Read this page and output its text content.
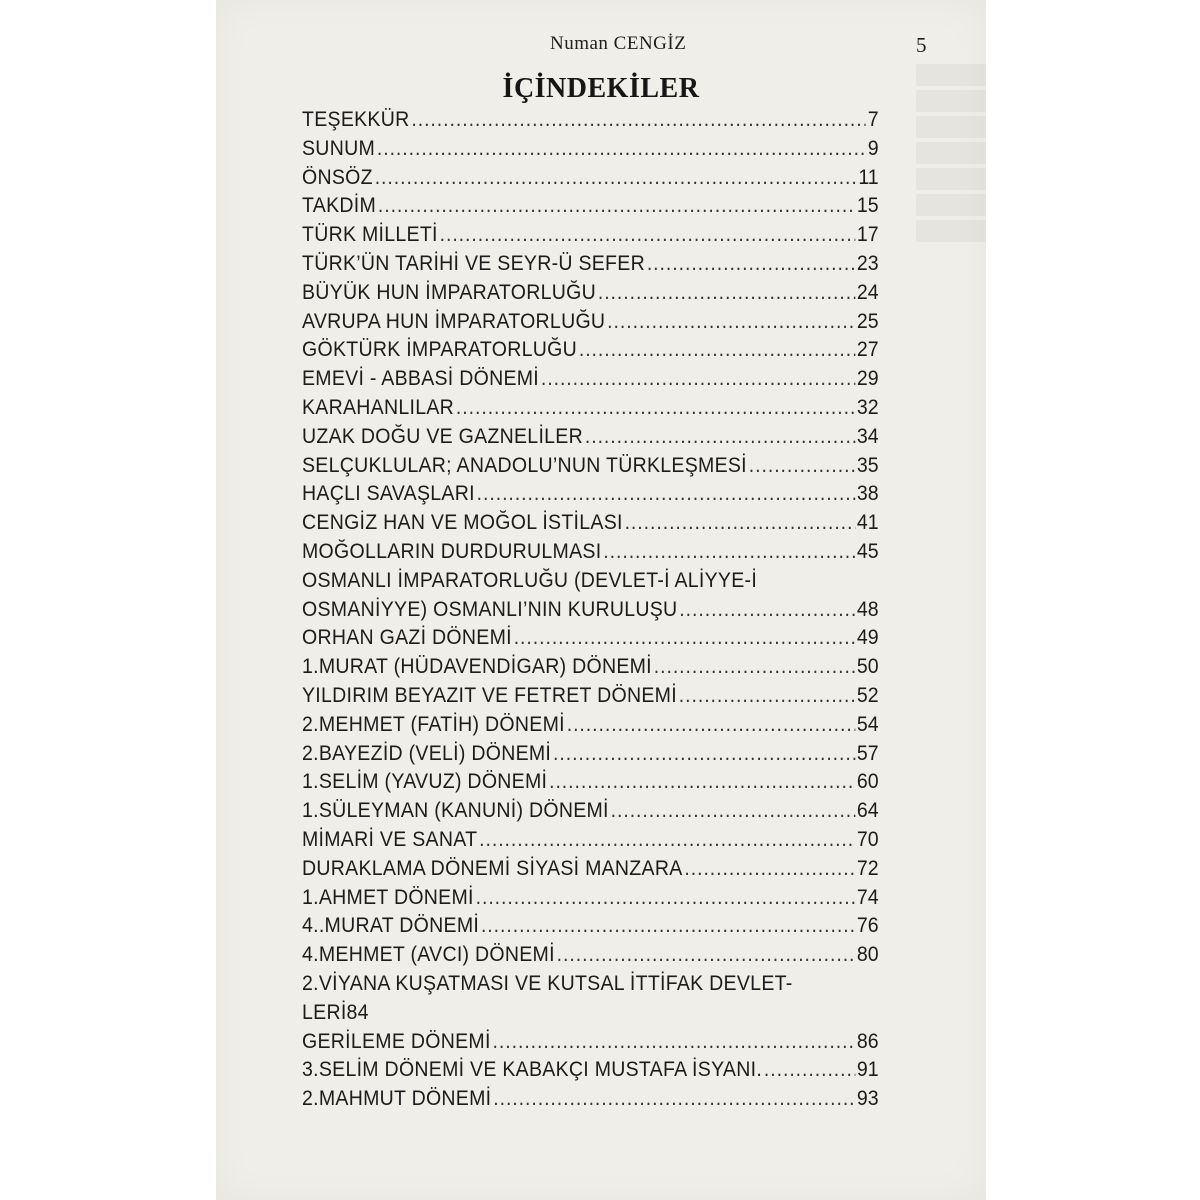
Numan CENGİZ	5
İÇİNDEKİLER
TEŞEKKÜR .....	7
SUNUM .....	9
ÖNSÖZ .....	11
TAKDİM .....	15
TÜRK MİLLETİ .....	17
TÜRK’ÜN TARİHİ VE SEYR-Ü SEFER .....	23
BÜYÜK HUN İMPARATORLUĞU .....	24
AVRUPA HUN İMPARATORLUĞU .....	25
GÖKTÜRK İMPARATORLUĞU .....	27
EMEVİ - ABBASİ DÖNEMİ .....	29
KARAHANLILAR .....	32
UZAK DOĞU VE GAZNELİLER .....	34
SELÇUKLULAR; ANADOLU’NUN TÜRKLEŞMESİ .....	35
HAÇLI SAVAŞLARI .....	38
CENGİZ HAN VE MOĞOL İSTİLASI .....	41
MOĞOLLARIN DURDURULMASI .....	45
OSMANLI İMPARATORLUĞU (DEVLET-İ ALİYYE-İ
OSMANİYYE) OSMANLI’NIN KURULUŞU .....	48
ORHAN GAZİ DÖNEMİ .....	49
1.MURAT (HÜDAVENDİGAR) DÖNEMİ .....	50
YILDIRIM BEYAZIT VE FETRET DÖNEMİ .....	52
2.MEHMET (FATİH) DÖNEMİ .....	54
2.BAYEZİD (VELİ) DÖNEMİ .....	57
1.SELİM (YAVUZ) DÖNEMİ .....	60
1.SÜLEYMAN (KANUNİ) DÖNEMİ .....	64
MİMARİ VE SANAT .....	70
DURAKLAMA DÖNEMİ SİYASİ MANZARA .....	72
1.AHMET DÖNEMİ .....	74
4..MURAT DÖNEMİ .....	76
4.MEHMET (AVCI) DÖNEMİ .....	80
2.VİYANA KUŞATMASI VE KUTSAL İTTİFAK DEVLET-
LERİ84
GERİLEME DÖNEMİ .....	86
3.SELİM DÖNEMİ VE KABAKÇI MUSTAFA İSYANI. .....	91
2.MAHMUT DÖNEMİ .....	93
